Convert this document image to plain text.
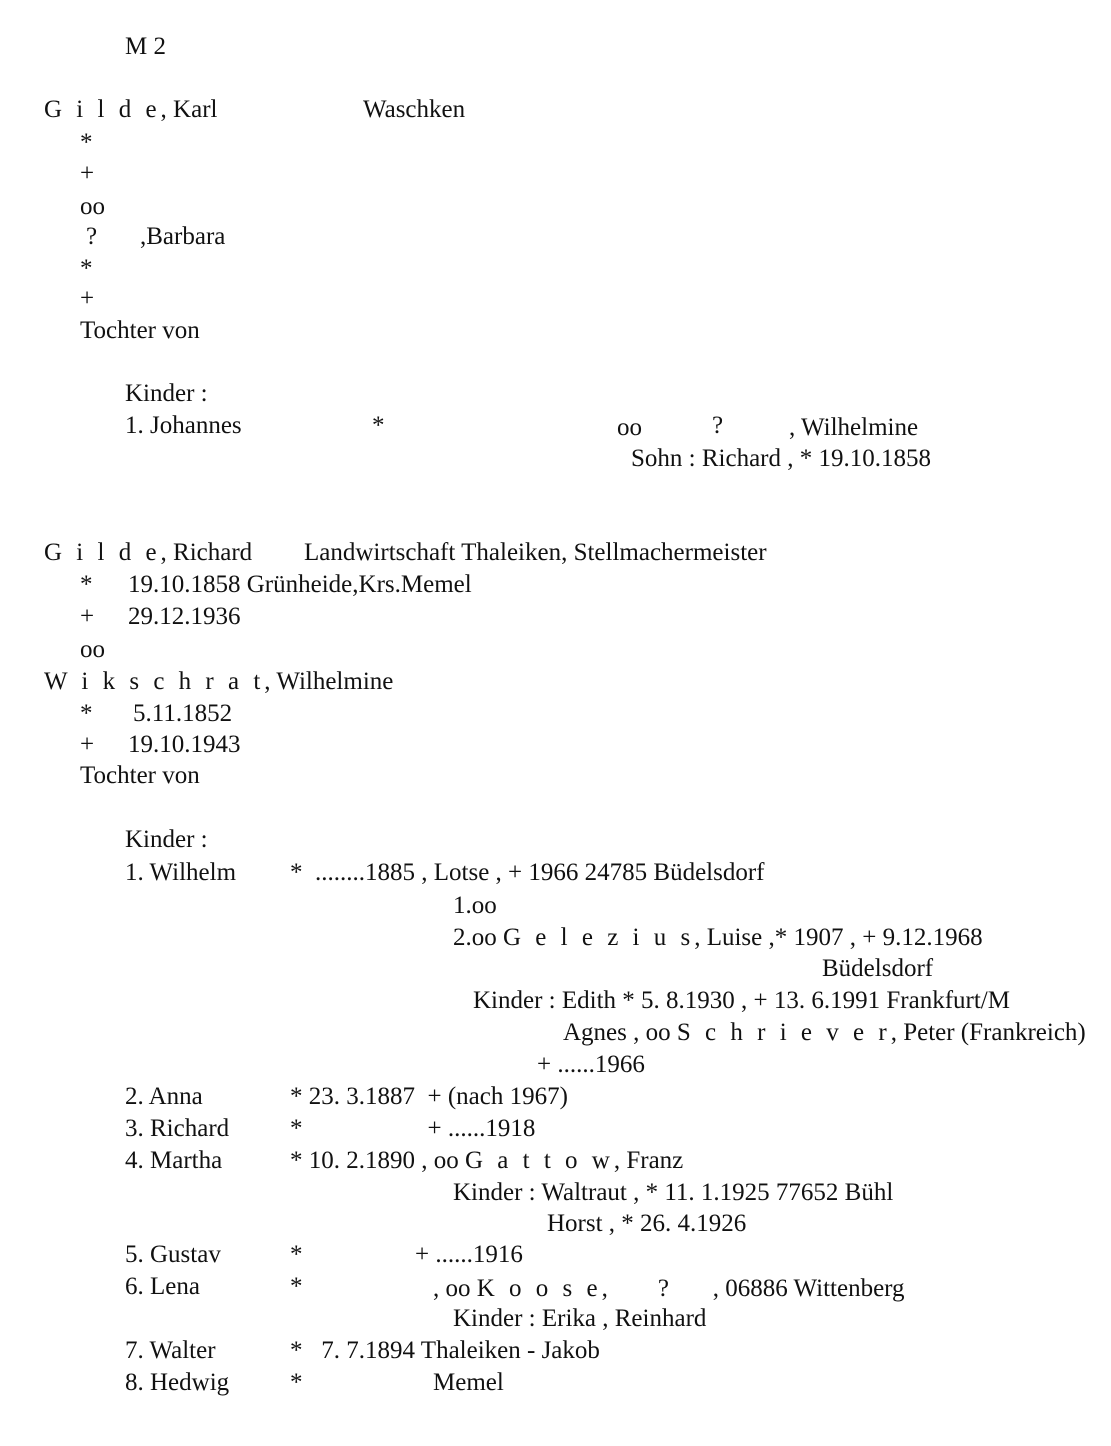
M 2
G i l d e, Karl	Waschken
*
+
oo
? ,Barbara
*
+
Tochter von
Kinder :
1. Johannes	*	oo	?	, Wilhelmine
Sohn : Richard , * 19.10.1858
G i l d e, Richard Landwirtschaft Thaleiken, Stellmachermeister
* 19.10.1858 Grünheide,Krs.Memel
+ 29.12.1936
oo
W i k s c h r a t, Wilhelmine
* 5.11.1852
+ 19.10.1943
Tochter von
Kinder :
1. Wilhelm *  ........1885 , Lotse , + 1966 24785 Büdelsdorf
1.oo
2.oo G e l e z i u s, Luise ,* 1907 , + 9.12.1968
Büdelsdorf
Kinder : Edith * 5. 8.1930 , + 13. 6.1991 Frankfurt/M
Agnes , oo S c h r i e v e r, Peter (Frankreich)
+ ......1966
2. Anna	* 23. 3.1887  + (nach 1967)
3. Richard *                    + ......1918
4. Martha	* 10. 2.1890 , oo G a t t o w, Franz
Kinder : Waltraut , * 11. 1.1925 77652 Bühl
Horst , * 26. 4.1926
5. Gustav	*                  + ......1916
6. Lena	*	, oo K o o s e,        ?       , 06886 Wittenberg
Kinder : Erika , Reinhard
7. Walter	*   7. 7.1894 Thaleiken - Jakob
8. Hedwig *	Memel
